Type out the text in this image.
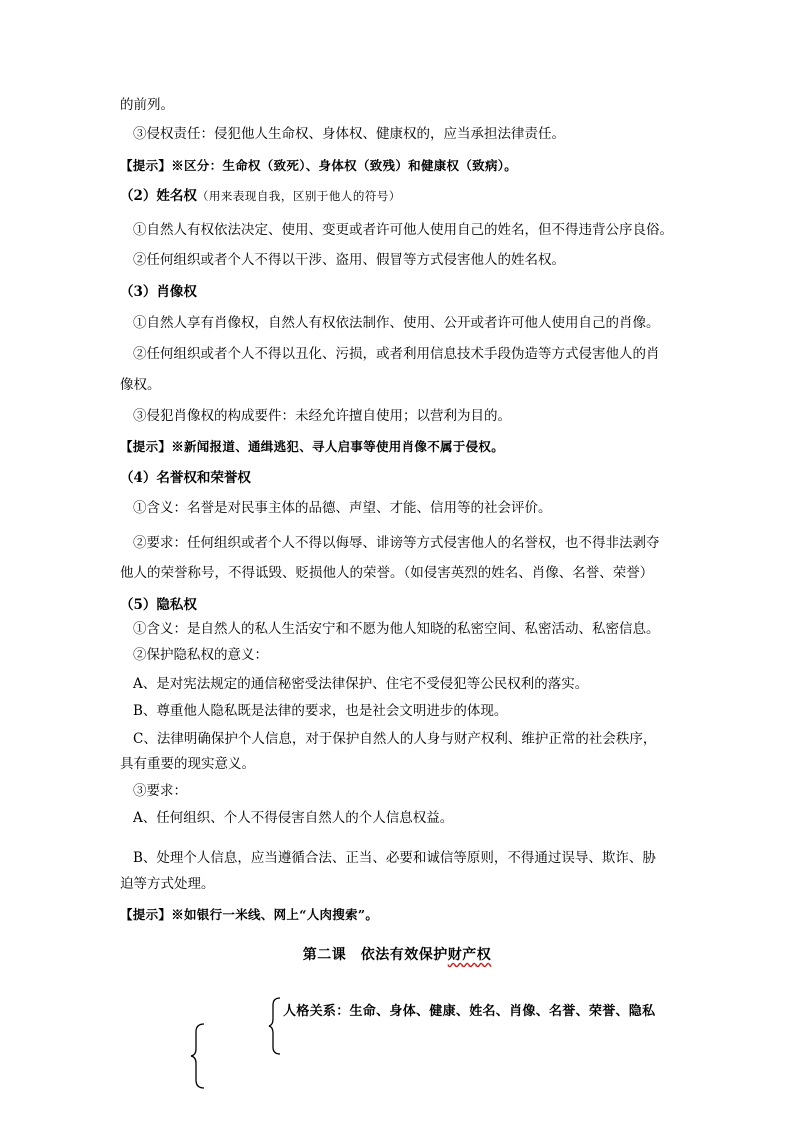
的前列。
③侵权责任：侵犯他人生命权、身体权、健康权的，应当承担法律责任。
【提示】※区分：生命权（致死）、身体权（致残）和健康权（致病）。
（2）姓名权（用来表现自我，区别于他人的符号）
①自然人有权依法决定、使用、变更或者许可他人使用自己的姓名，但不得违背公序良俗。
②任何组织或者个人不得以干涉、盗用、假冒等方式侵害他人的姓名权。
（3）肖像权
①自然人享有肖像权，自然人有权依法制作、使用、公开或者许可他人使用自己的肖像。
②任何组织或者个人不得以丑化、污损，或者利用信息技术手段伪造等方式侵害他人的肖
像权。
③侵犯肖像权的构成要件：未经允许擅自使用；以营利为目的。
【提示】※新闻报道、通缉逃犯、寻人启事等使用肖像不属于侵权。
（4）名誉权和荣誉权
①含义：名誉是对民事主体的品德、声望、才能、信用等的社会评价。
②要求：任何组织或者个人不得以侮辱、诽谤等方式侵害他人的名誉权，也不得非法剥夺
他人的荣誉称号，不得诋毁、贬损他人的荣誉。（如侵害英烈的姓名、肖像、名誉、荣誉）
（5）隐私权
①含义：是自然人的私人生活安宁和不愿为他人知晓的私密空间、私密活动、私密信息。
②保护隐私权的意义：
A、是对宪法规定的通信秘密受法律保护、住宅不受侵犯等公民权利的落实。
B、尊重他人隐私既是法律的要求，也是社会文明进步的体现。
C、法律明确保护个人信息，对于保护自然人的人身与财产权利、维护正常的社会秩序，
具有重要的现实意义。
③要求：
A、任何组织、个人不得侵害自然人的个人信息权益。
B、处理个人信息，应当遵循合法、正当、必要和诚信等原则，不得通过误导、欺诈、胁
迫等方式处理。
【提示】※如银行一米线、网上“人肉搜索”。
第二课　依法有效保护财产权
人格关系：生命、身体、健康、姓名、肖像、名誉、荣誉、隐私
